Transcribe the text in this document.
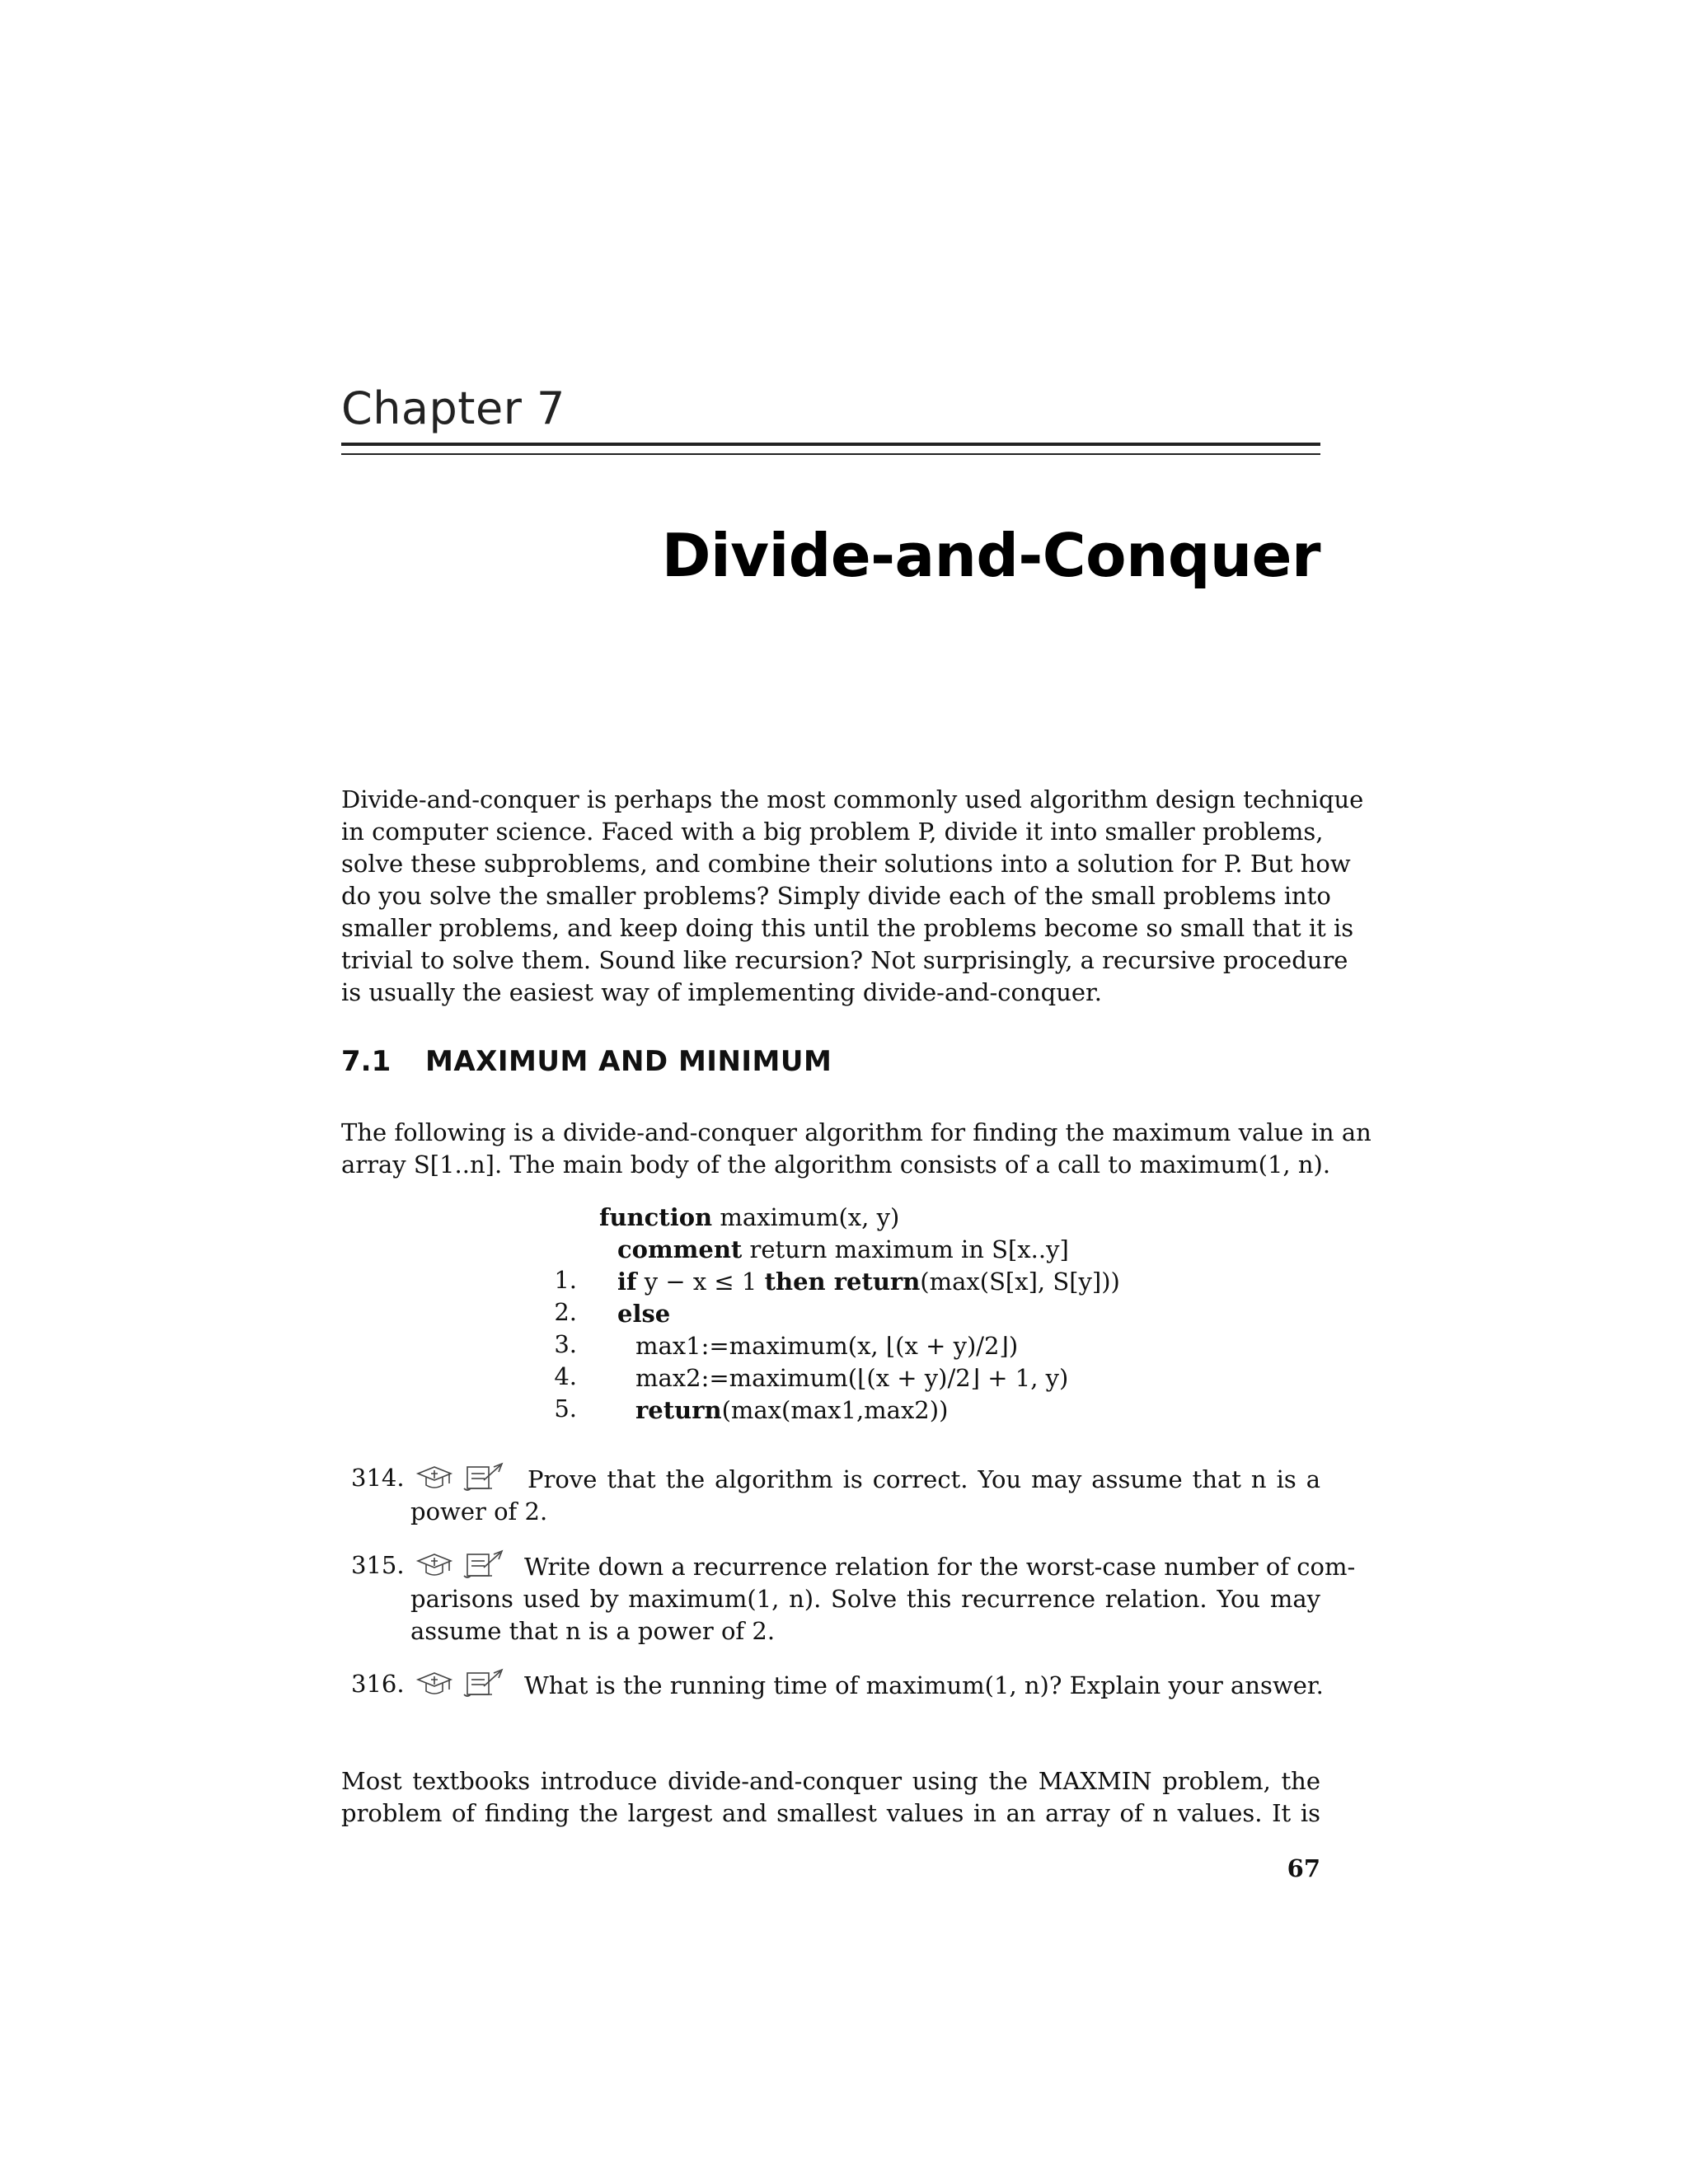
Chapter 7
Divide-and-Conquer
Divide-and-conquer is perhaps the most commonly used algorithm design technique
in computer science. Faced with a big problem P, divide it into smaller problems,
solve these subproblems, and combine their solutions into a solution for P. But how
do you solve the smaller problems? Simply divide each of the small problems into
smaller problems, and keep doing this until the problems become so small that it is
trivial to solve them. Sound like recursion? Not surprisingly, a recursive procedure
is usually the easiest way of implementing divide-and-conquer.
7.1 MAXIMUM AND MINIMUM
The following is a divide-and-conquer algorithm for finding the maximum value in an
array S[1..n]. The main body of the algorithm consists of a call to maximum(1, n).
function maximum(x, y)
comment return maximum in S[x..y]
1. if y − x ≤ 1 then return(max(S[x], S[y]))
2. else
3. max1:=maximum(x, ⌊(x + y)/2⌋)
4. max2:=maximum(⌊(x + y)/2⌋ + 1, y)
5. return(max(max1,max2))
314.	Prove that the algorithm is correct. You may assume that n is a
power of 2.
315.	Write down a recurrence relation for the worst-case number of com-
parisons used by maximum(1, n). Solve this recurrence relation. You may
assume that n is a power of 2.
316.	What is the running time of maximum(1, n)? Explain your answer.
Most textbooks introduce divide-and-conquer using the MAXMIN problem, the
problem of finding the largest and smallest values in an array of n values. It is
67
